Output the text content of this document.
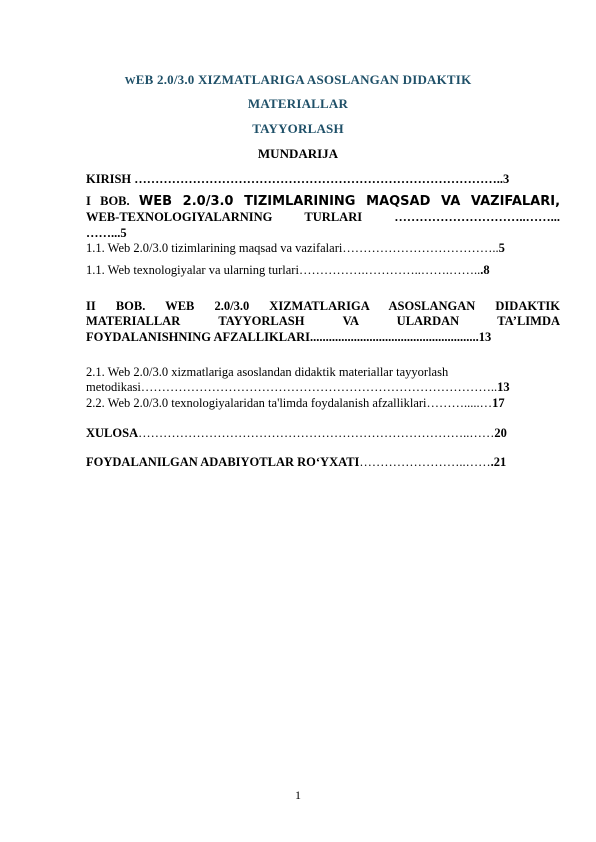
WEB 2.0/3.0 XIZMATLARIGA ASOSLANGAN DIDAKTIK
MATERIALLAR
TAYYORLASH
MUNDARIJA
KIRISH ……………………………………………………………………………..3
I BOB. WEB 2.0/3.0 TIZIMLARINING MAQSAD VA VAZIFALARI,
WEB-TEXNOLOGIYALARNING TURLARI …………………………..……...
……...5
1.1. Web 2.0/3.0 tizimlarining maqsad va vazifalari………………………………..5
1.1. Web texnologiyalar va ularning turlari…………….…………..…….……...8
II BOB. WEB 2.0/3.0 XIZMATLARIGA ASOSLANGAN DIDAKTIK
MATERIALLAR TAYYORLASH VA ULARDAN TA’LIMDA
FOYDALANISHNING AFZALLIKLARI......................................................13
2.1. Web 2.0/3.0 xizmatlariga asoslandan didaktik materiallar tayyorlash
metodikasi…………………………………………………………………………..13
2.2. Web 2.0/3.0 texnologiyalaridan ta'limda foydalanish afzalliklari……….....…17
XULOSA……………………………………………………………………..……20
FOYDALANILGAN ADABIYOTLAR RO‘YXATI……………………..…….21
1
